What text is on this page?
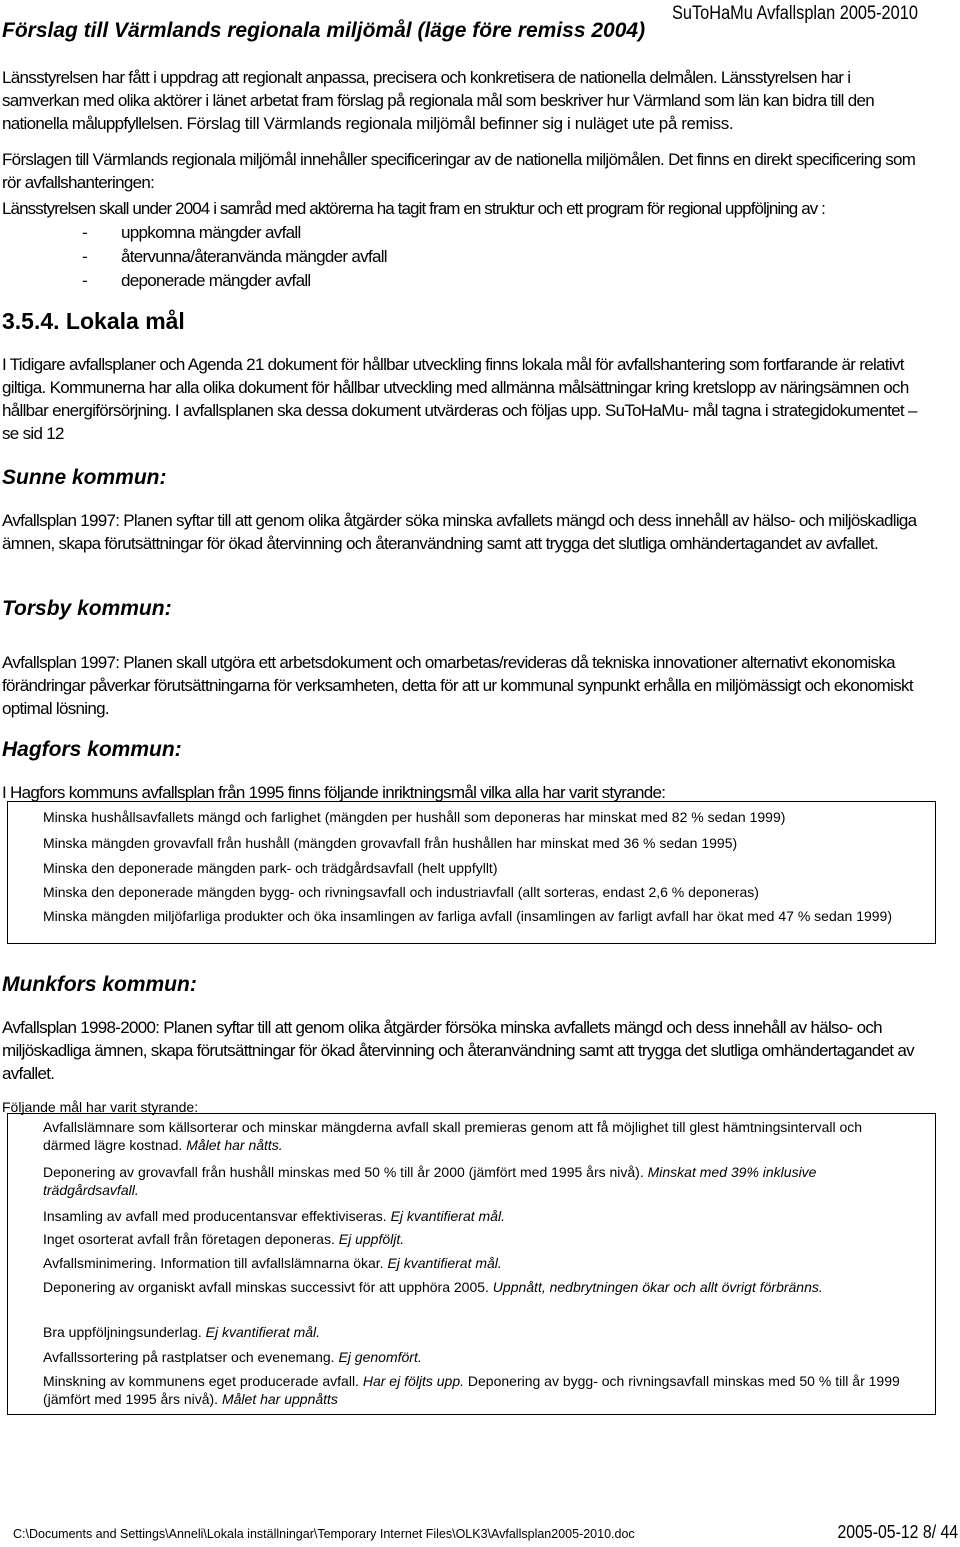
SuToHaMu Avfallsplan 2005-2010
Förslag till Värmlands regionala miljömål (läge före remiss 2004)

Länsstyrelsen har fått i uppdrag att regionalt anpassa, precisera och konkretisera de nationella delmålen. Länsstyrelsen har i samverkan med olika aktörer i länet arbetat fram förslag på regionala mål som beskriver hur Värmland som län kan bidra till den nationella måluppfyllelsen. Förslag till Värmlands regionala miljömål befinner sig i nuläget ute på remiss.

Förslagen till Värmlands regionala miljömål innehåller specificeringar av de nationella miljömålen. Det finns en direkt specificering som rör avfallshanteringen:

Länsstyrelsen skall under 2004 i samråd med aktörerna ha tagit fram en struktur och ett program för regional uppföljning av :

-	uppkomna mängder avfall
-	återvunna/återanvända mängder avfall
-	deponerade mängder avfall
3.5.4. Lokala mål

I Tidigare avfallsplaner och Agenda 21 dokument för hållbar utveckling finns lokala mål för avfallshantering som fortfarande är relativt giltiga. Kommunerna har alla olika dokument för hållbar utveckling med allmänna målsättningar kring kretslopp av näringsämnen och hållbar energiförsörjning. I avfallsplanen ska dessa dokument utvärderas och följas upp. SuToHaMu- mål tagna i strategidokumentet – se sid 12

Sunne kommun:

Avfallsplan 1997: Planen syftar till att genom olika åtgärder söka minska avfallets mängd och dess innehåll av hälso- och miljöskadliga ämnen, skapa förutsättningar för ökad återvinning och återanvändning samt att trygga det slutliga omhändertagandet av avfallet.

Torsby kommun:

Avfallsplan 1997: Planen skall utgöra ett arbetsdokument och omarbetas/revideras då tekniska innovationer alternativt ekonomiska förändringar påverkar förutsättningarna för verksamheten, detta för att ur kommunal synpunkt erhålla en miljömässigt och ekonomiskt optimal lösning.

Hagfors kommun:

I Hagfors kommuns avfallsplan från 1995 finns följande inriktningsmål vilka alla har varit styrande:

Minska hushållsavfallets mängd och farlighet (mängden per hushåll som deponeras har minskat med 82 % sedan 1999)
Minska mängden grovavfall från hushåll (mängden grovavfall från hushållen har minskat med 36 % sedan 1995)
Minska den deponerade mängden park- och trädgårdsavfall (helt uppfyllt)
Minska den deponerade mängden bygg- och rivningsavfall och industriavfall (allt sorteras, endast 2,6 % deponeras)
Minska mängden miljöfarliga produkter och öka insamlingen av farliga avfall (insamlingen av farligt avfall har ökat med 47 % sedan 1999)
Munkfors kommun:

Avfallsplan 1998-2000: Planen syftar till att genom olika åtgärder försöka minska avfallets mängd och dess innehåll av hälso- och miljöskadliga ämnen, skapa förutsättningar för ökad återvinning och återanvändning samt att trygga det slutliga omhändertagandet av avfallet.

Följande mål har varit styrande:
Avfallslämnare som källsorterar och minskar mängderna avfall skall premieras genom att få möjlighet till glest hämtningsintervall och därmed lägre kostnad. Målet har nåtts.
Deponering av grovavfall från hushåll minskas med 50 % till år 2000 (jämfört med 1995 års nivå). Minskat med 39% inklusive trädgårdsavfall.
Insamling av avfall med producentansvar effektiviseras. Ej kvantifierat mål.
Inget osorterat avfall från företagen deponeras. Ej uppföljt.
Avfallsminimering. Information till avfallslämnarna ökar. Ej kvantifierat mål.
Deponering av organiskt avfall minskas successivt för att upphöra 2005. Uppnått, nedbrytningen ökar och allt övrigt förbränns.
Bra uppföljningsunderlag. Ej kvantifierat mål.
Avfallssortering på rastplatser och evenemang. Ej genomfört.
Minskning av kommunens eget producerade avfall. Har ej följts upp. Deponering av bygg- och rivningsavfall minskas med 50 % till år 1999 (jämfört med 1995 års nivå). Målet har uppnåtts
C:\Documents and Settings\Anneli\Lokala inställningar\Temporary Internet Files\OLK3\Avfallsplan2005-2010.doc	2005-05-12 8/ 44
